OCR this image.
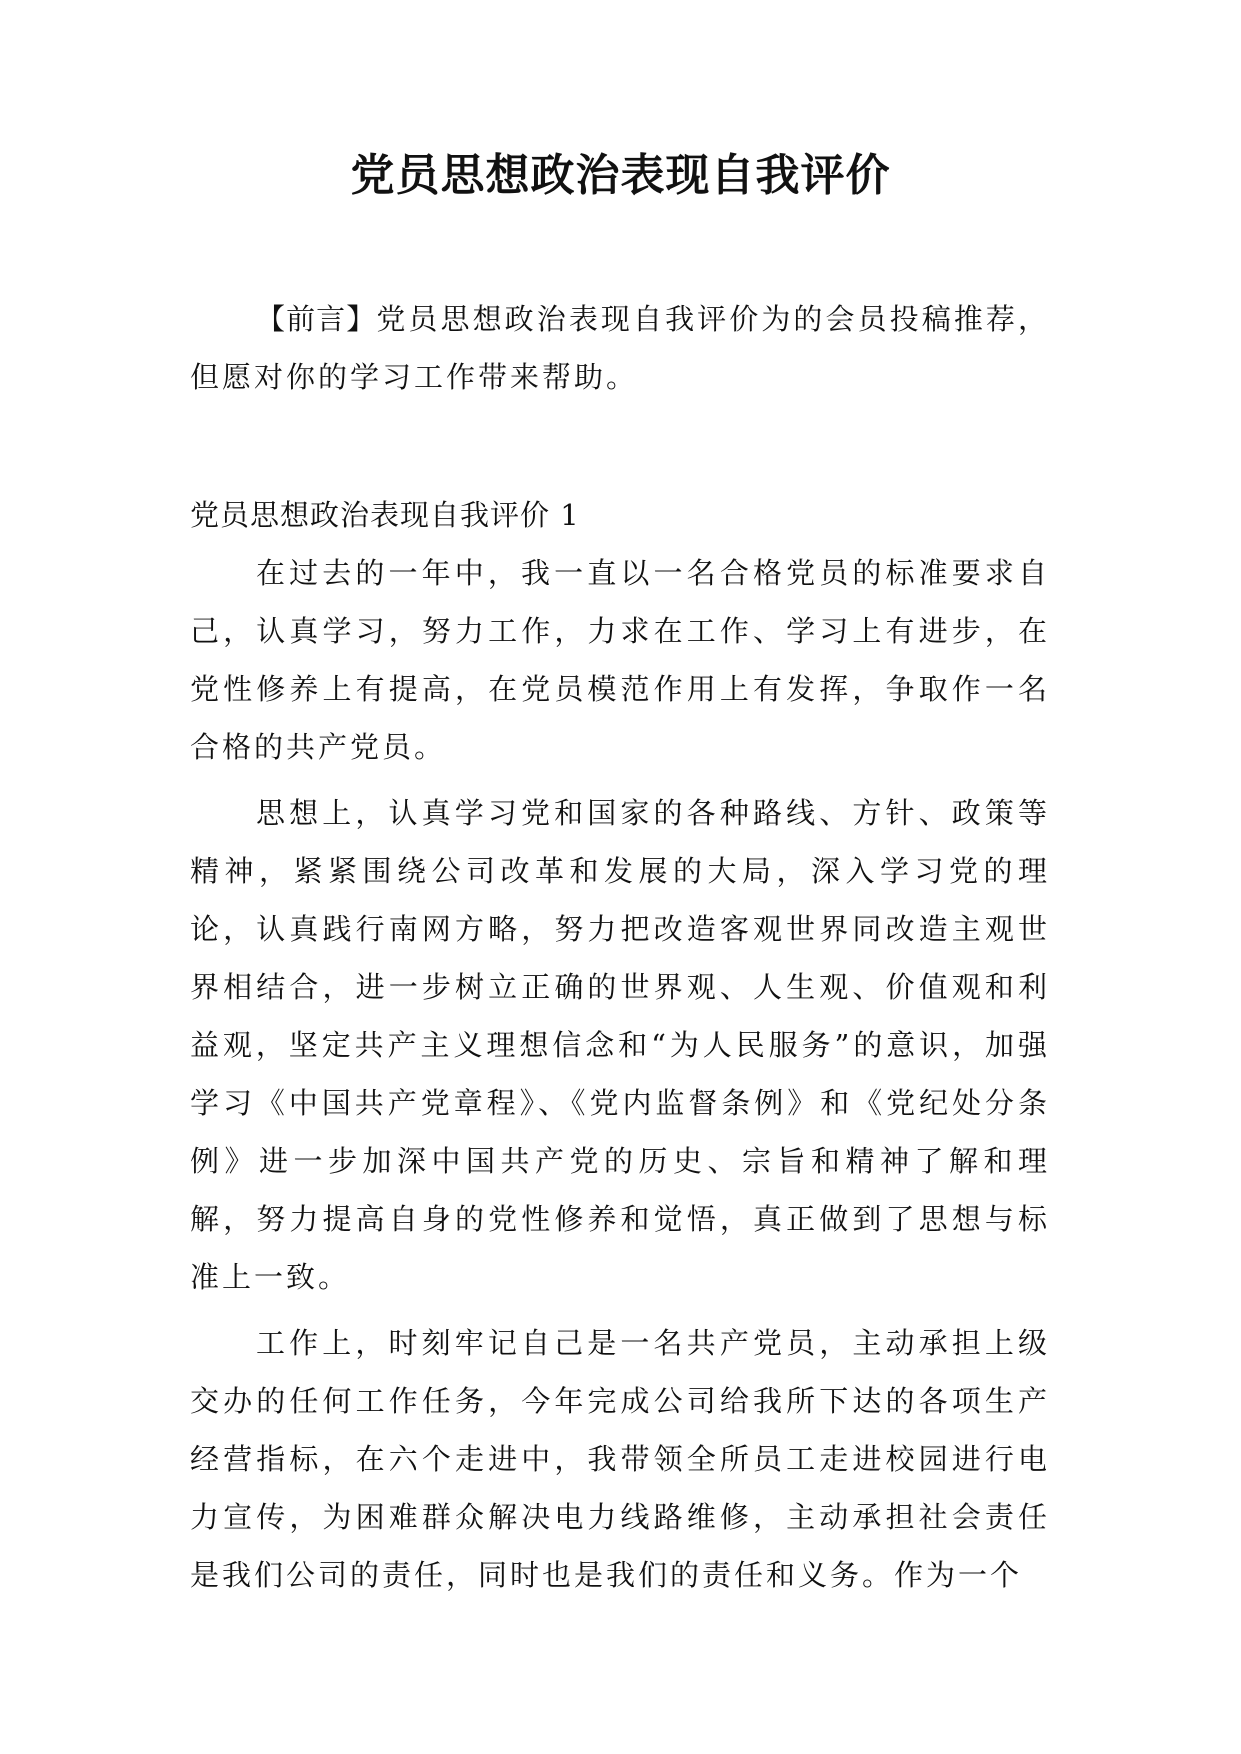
党员思想政治表现自我评价

【前言】党员思想政治表现自我评价为的会员投稿推荐，但愿对你的学习工作带来帮助。

党员思想政治表现自我评价 1

在过去的一年中，我一直以一名合格党员的标准要求自己，认真学习，努力工作，力求在工作、学习上有进步，在党性修养上有提高，在党员模范作用上有发挥，争取作一名合格的共产党员。

思想上，认真学习党和国家的各种路线、方针、政策等精神，紧紧围绕公司改革和发展的大局，深入学习党的理论，认真践行南网方略，努力把改造客观世界同改造主观世界相结合，进一步树立正确的世界观、人生观、价值观和利益观，坚定共产主义理想信念和“为人民服务”的意识，加强学习《中国共产党章程》、《党内监督条例》和《党纪处分条例》进一步加深中国共产党的历史、宗旨和精神了解和理解，努力提高自身的党性修养和觉悟，真正做到了思想与标准上一致。

工作上，时刻牢记自己是一名共产党员，主动承担上级交办的任何工作任务，今年完成公司给我所下达的各项生产经营指标，在六个走进中，我带领全所员工走进校园进行电力宣传，为困难群众解决电力线路维修，主动承担社会责任是我们公司的责任，同时也是我们的责任和义务。作为一个
